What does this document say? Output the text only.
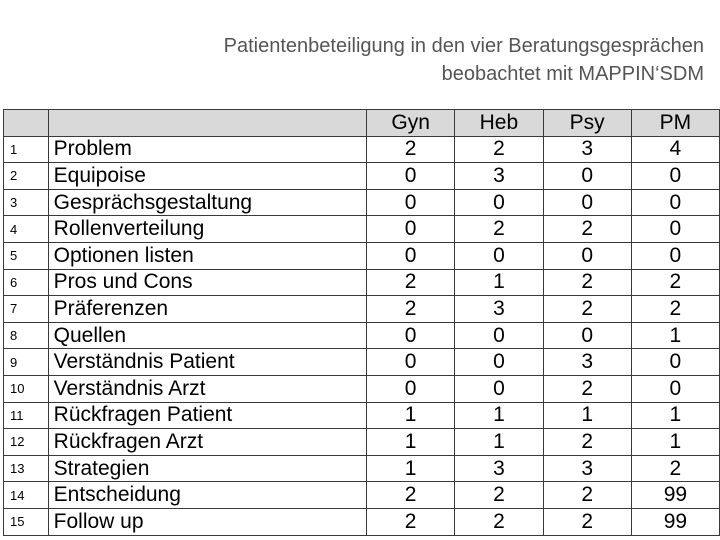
Patientenbeteiligung in den vier Beratungsgesprächen
beobachtet mit MAPPIN‘SDM
		Gyn	Heb	Psy	PM
1	Problem	2	2	3	4
2	Equipoise	0	3	0	0
3	Gesprächsgestaltung	0	0	0	0
4	Rollenverteilung	0	2	2	0
5	Optionen listen	0	0	0	0
6	Pros und Cons	2	1	2	2
7	Präferenzen	2	3	2	2
8	Quellen	0	0	0	1
9	Verständnis Patient	0	0	3	0
10	Verständnis Arzt	0	0	2	0
11	Rückfragen Patient	1	1	1	1
12	Rückfragen Arzt	1	1	2	1
13	Strategien	1	3	3	2
14	Entscheidung	2	2	2	99
15	Follow up	2	2	2	99
